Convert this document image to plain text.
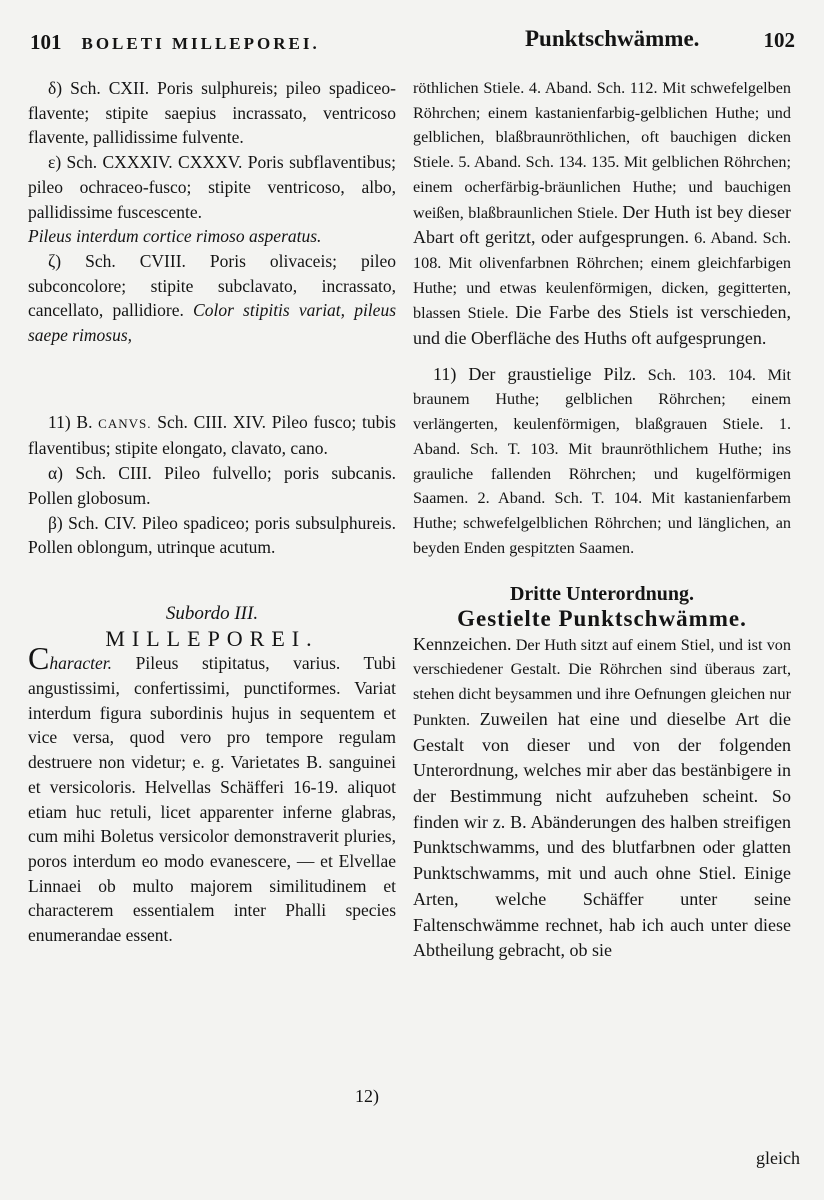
101 BOLETI MILLEPOREI.	Punktschwämme.	102

δ) Sch. CXII. Poris sulphureis; pileo spadiceo-flavente; stipite saepius incrassato, ventricoso flavente, pallidissime fulvente.

ε) Sch. CXXXIV. CXXXV. Poris subflaventibus; pileo ochraceo-fusco; stipite ventricoso, albo, pallidissime fuscescente.

Pileus interdum cortice rimoso asperatus.

ζ) Sch. CVIII. Poris olivaceis; pileo subconcolore; stipite subclavato, incrassato, cancellato, pallidiore. Color stipitis variat, pileus saepe rimosus,

11) B. CANVS. Sch. CIII. XIV. Pileo fusco; tubis flaventibus; stipite elongato, clavato, cano.

α) Sch. CIII. Pileo fulvello; poris subcanis. Pollen globosum.

β) Sch. CIV. Pileo spadiceo; poris subsulphureis. Pollen oblongum, utrinque acutum.

Subordo III.

MILLEPOREI.

Character. Pileus stipitatus, varius. Tubi angustissimi, confertissimi, punctiformes. Variat interdum figura subordinis hujus in sequentem et vice versa, quod vero pro tempore regulam destruere non videtur; e. g. Varietates B. sanguinei et versicoloris. Helvellas Schäfferi 16-19. aliquot etiam huc retuli, licet apparenter inferne glabras, cum mihi Boletus versicolor demonstraverit pluries, poros interdum eo modo evanescere, — et Elvellae Linnaei ob multo majorem similitudinem et characterem essentialem inter Phalli species enumerandae essent.

12)

röthlichen Stiele. 4. Aband. Sch. 112. Mit schwefelgelben Röhrchen; einem kastanienfarbig-gelblichen Huthe; und gelblichen, blaßbraunröthlichen, oft bauchigen dicken Stiele. 5. Aband. Sch. 134. 135. Mit gelblichen Röhrchen; einem ocherfärbig-bräunlichen Huthe; und bauchigen weißen, blaßbraunlichen Stiele. Der Huth ist bey dieser Abart oft geritzt, oder aufgesprungen. 6. Aband. Sch. 108. Mit olivenfarbnen Röhrchen; einem gleichfarbigen Huthe; und etwas keulenförmigen, dicken, gegitterten, blassen Stiele. Die Farbe des Stiels ist verschieden, und die Oberfläche des Huths oft aufgesprungen.

11) Der graustielige Pilz. Sch. 103. 104. Mit braunem Huthe; gelblichen Röhrchen; einem verlängerten, keulenförmigen, blaßgrauen Stiele. 1. Aband. Sch. T. 103. Mit braunröthlichem Huthe; ins grauliche fallenden Röhrchen; und kugelförmigen Saamen. 2. Aband. Sch. T. 104. Mit kastanienfarbem Huthe; schwefelgelblichen Röhrchen; und länglichen, an beyden Enden gespitzten Saamen.

Dritte Unterordnung.

Gestielte Punktschwämme.

Kennzeichen. Der Huth sitzt auf einem Stiel, und ist von verschiedener Gestalt. Die Röhrchen sind überaus zart, stehen dicht beysammen und ihre Oefnungen gleichen nur Punkten. Zuweilen hat eine und dieselbe Art die Gestalt von dieser und von der folgenden Unterordnung, welches mir aber das bestänbigere in der Bestimmung nicht aufzuheben scheint. So finden wir z. B. Abänderungen des halben streifigen Punktschwamms, und des blutfarbnen oder glatten Punktschwamms, mit und auch ohne Stiel. Einige Arten, welche Schäffer unter seine Faltenschwämme rechnet, hab ich auch unter diese Abtheilung gebracht, ob sie

gleich
